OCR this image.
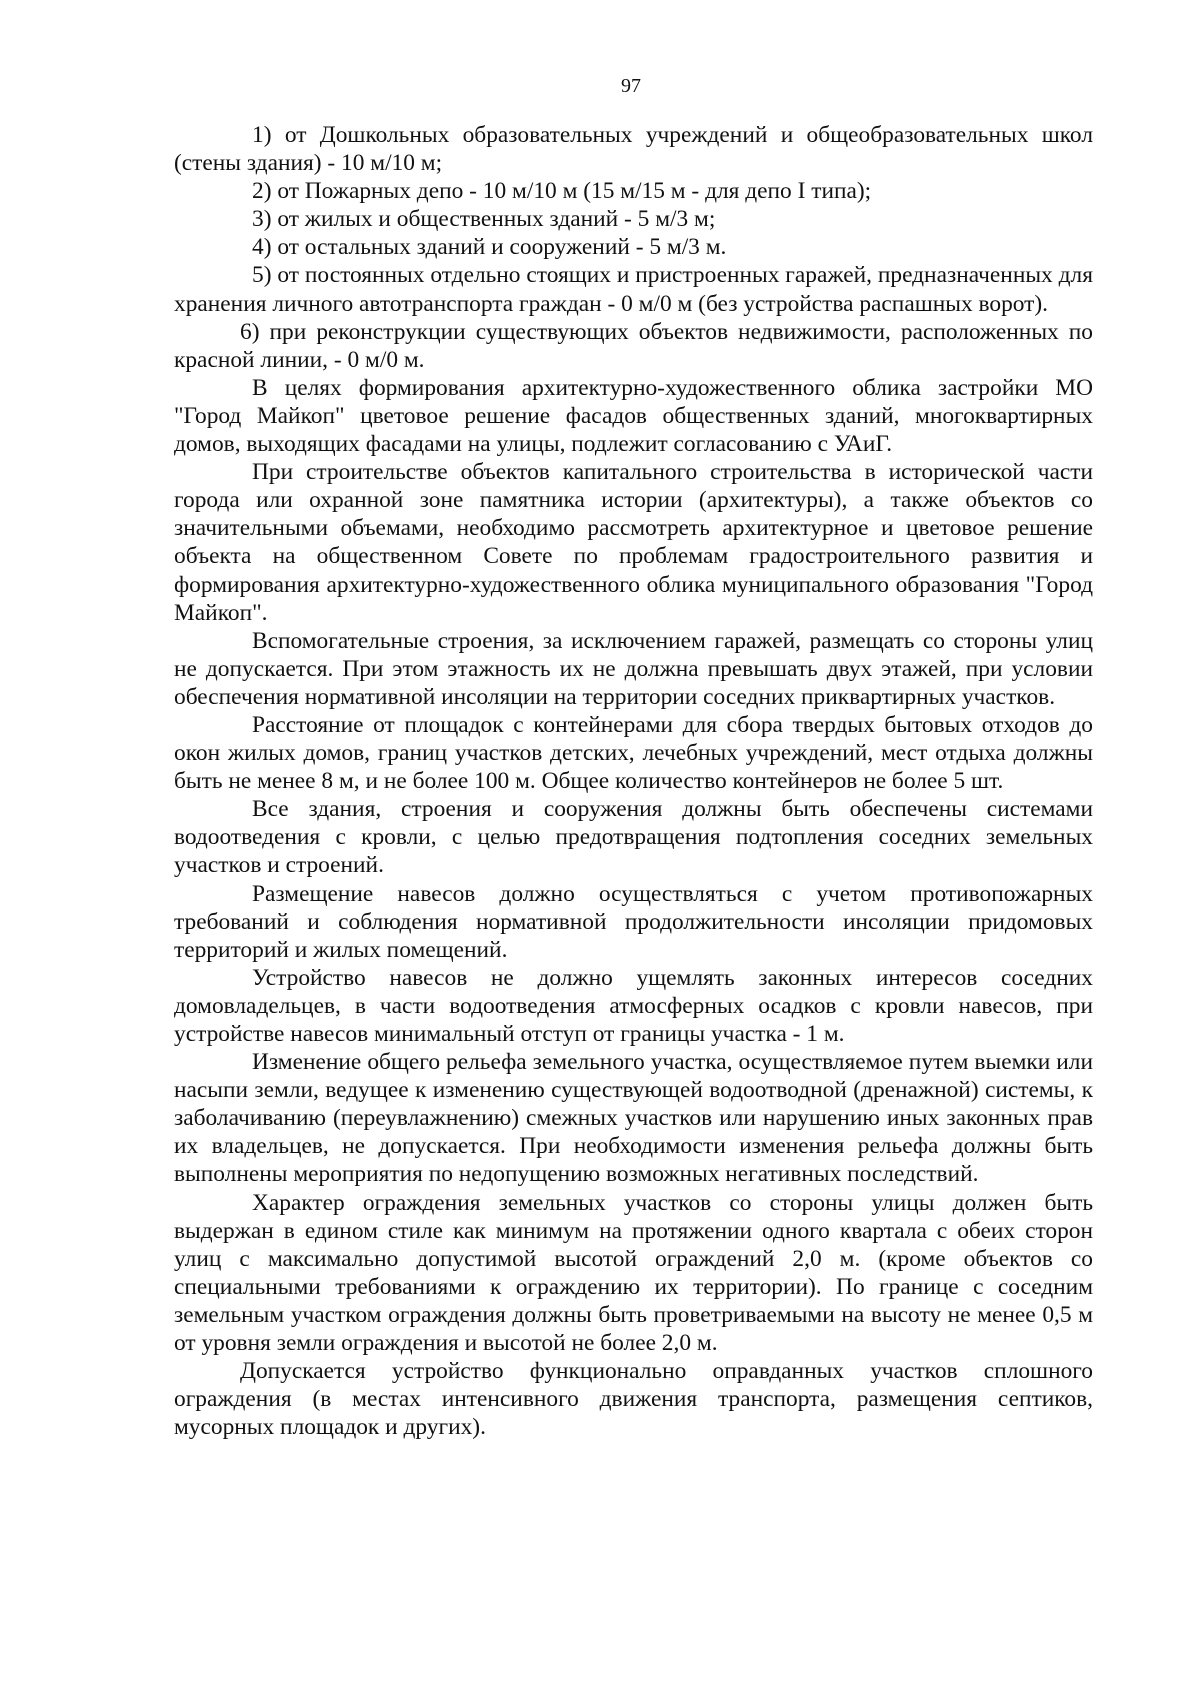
97

1) от Дошкольных образовательных учреждений и общеобразовательных школ (стены здания) - 10 м/10 м;

2) от Пожарных депо - 10 м/10 м (15 м/15 м - для депо I типа);

3) от жилых и общественных зданий - 5 м/3 м;

4) от остальных зданий и сооружений - 5 м/3 м.

5) от постоянных отдельно стоящих и пристроенных гаражей, предназначенных для хранения личного автотранспорта граждан - 0 м/0 м (без устройства распашных ворот).

6) при реконструкции существующих объектов недвижимости, расположенных по красной линии, - 0 м/0 м.

В целях формирования архитектурно-художественного облика застройки МО "Город Майкоп" цветовое решение фасадов общественных зданий, многоквартирных домов, выходящих фасадами на улицы, подлежит согласованию с УАиГ.

При строительстве объектов капитального строительства в исторической части города или охранной зоне памятника истории (архитектуры), а также объектов со значительными объемами, необходимо рассмотреть архитектурное и цветовое решение объекта на общественном Совете по проблемам градостроительного развития и формирования архитектурно-художественного облика муниципального образования "Город Майкоп".

Вспомогательные строения, за исключением гаражей, размещать со стороны улиц не допускается. При этом этажность их не должна превышать двух этажей, при условии обеспечения нормативной инсоляции на территории соседних приквартирных участков.

Расстояние от площадок с контейнерами для сбора твердых бытовых отходов до окон жилых домов, границ участков детских, лечебных учреждений, мест отдыха должны быть не менее 8 м, и не более 100 м. Общее количество контейнеров не более 5 шт.

Все здания, строения и сооружения должны быть обеспечены системами водоотведения с кровли, с целью предотвращения подтопления соседних земельных участков и строений.

Размещение навесов должно осуществляться с учетом противопожарных требований и соблюдения нормативной продолжительности инсоляции придомовых территорий и жилых помещений.

Устройство навесов не должно ущемлять законных интересов соседних домовладельцев, в части водоотведения атмосферных осадков с кровли навесов, при устройстве навесов минимальный отступ от границы участка - 1 м.

Изменение общего рельефа земельного участка, осуществляемое путем выемки или насыпи земли, ведущее к изменению существующей водоотводной (дренажной) системы, к заболачиванию (переувлажнению) смежных участков или нарушению иных законных прав их владельцев, не допускается. При необходимости изменения рельефа должны быть выполнены мероприятия по недопущению возможных негативных последствий.

Характер ограждения земельных участков со стороны улицы должен быть выдержан в едином стиле как минимум на протяжении одного квартала с обеих сторон улиц с максимально допустимой высотой ограждений 2,0 м. (кроме объектов со специальными требованиями к ограждению их территории). По границе с соседним земельным участком ограждения должны быть проветриваемыми на высоту не менее 0,5 м от уровня земли ограждения и высотой не более 2,0 м.

Допускается устройство функционально оправданных участков сплошного ограждения (в местах интенсивного движения транспорта, размещения септиков, мусорных площадок и других).
